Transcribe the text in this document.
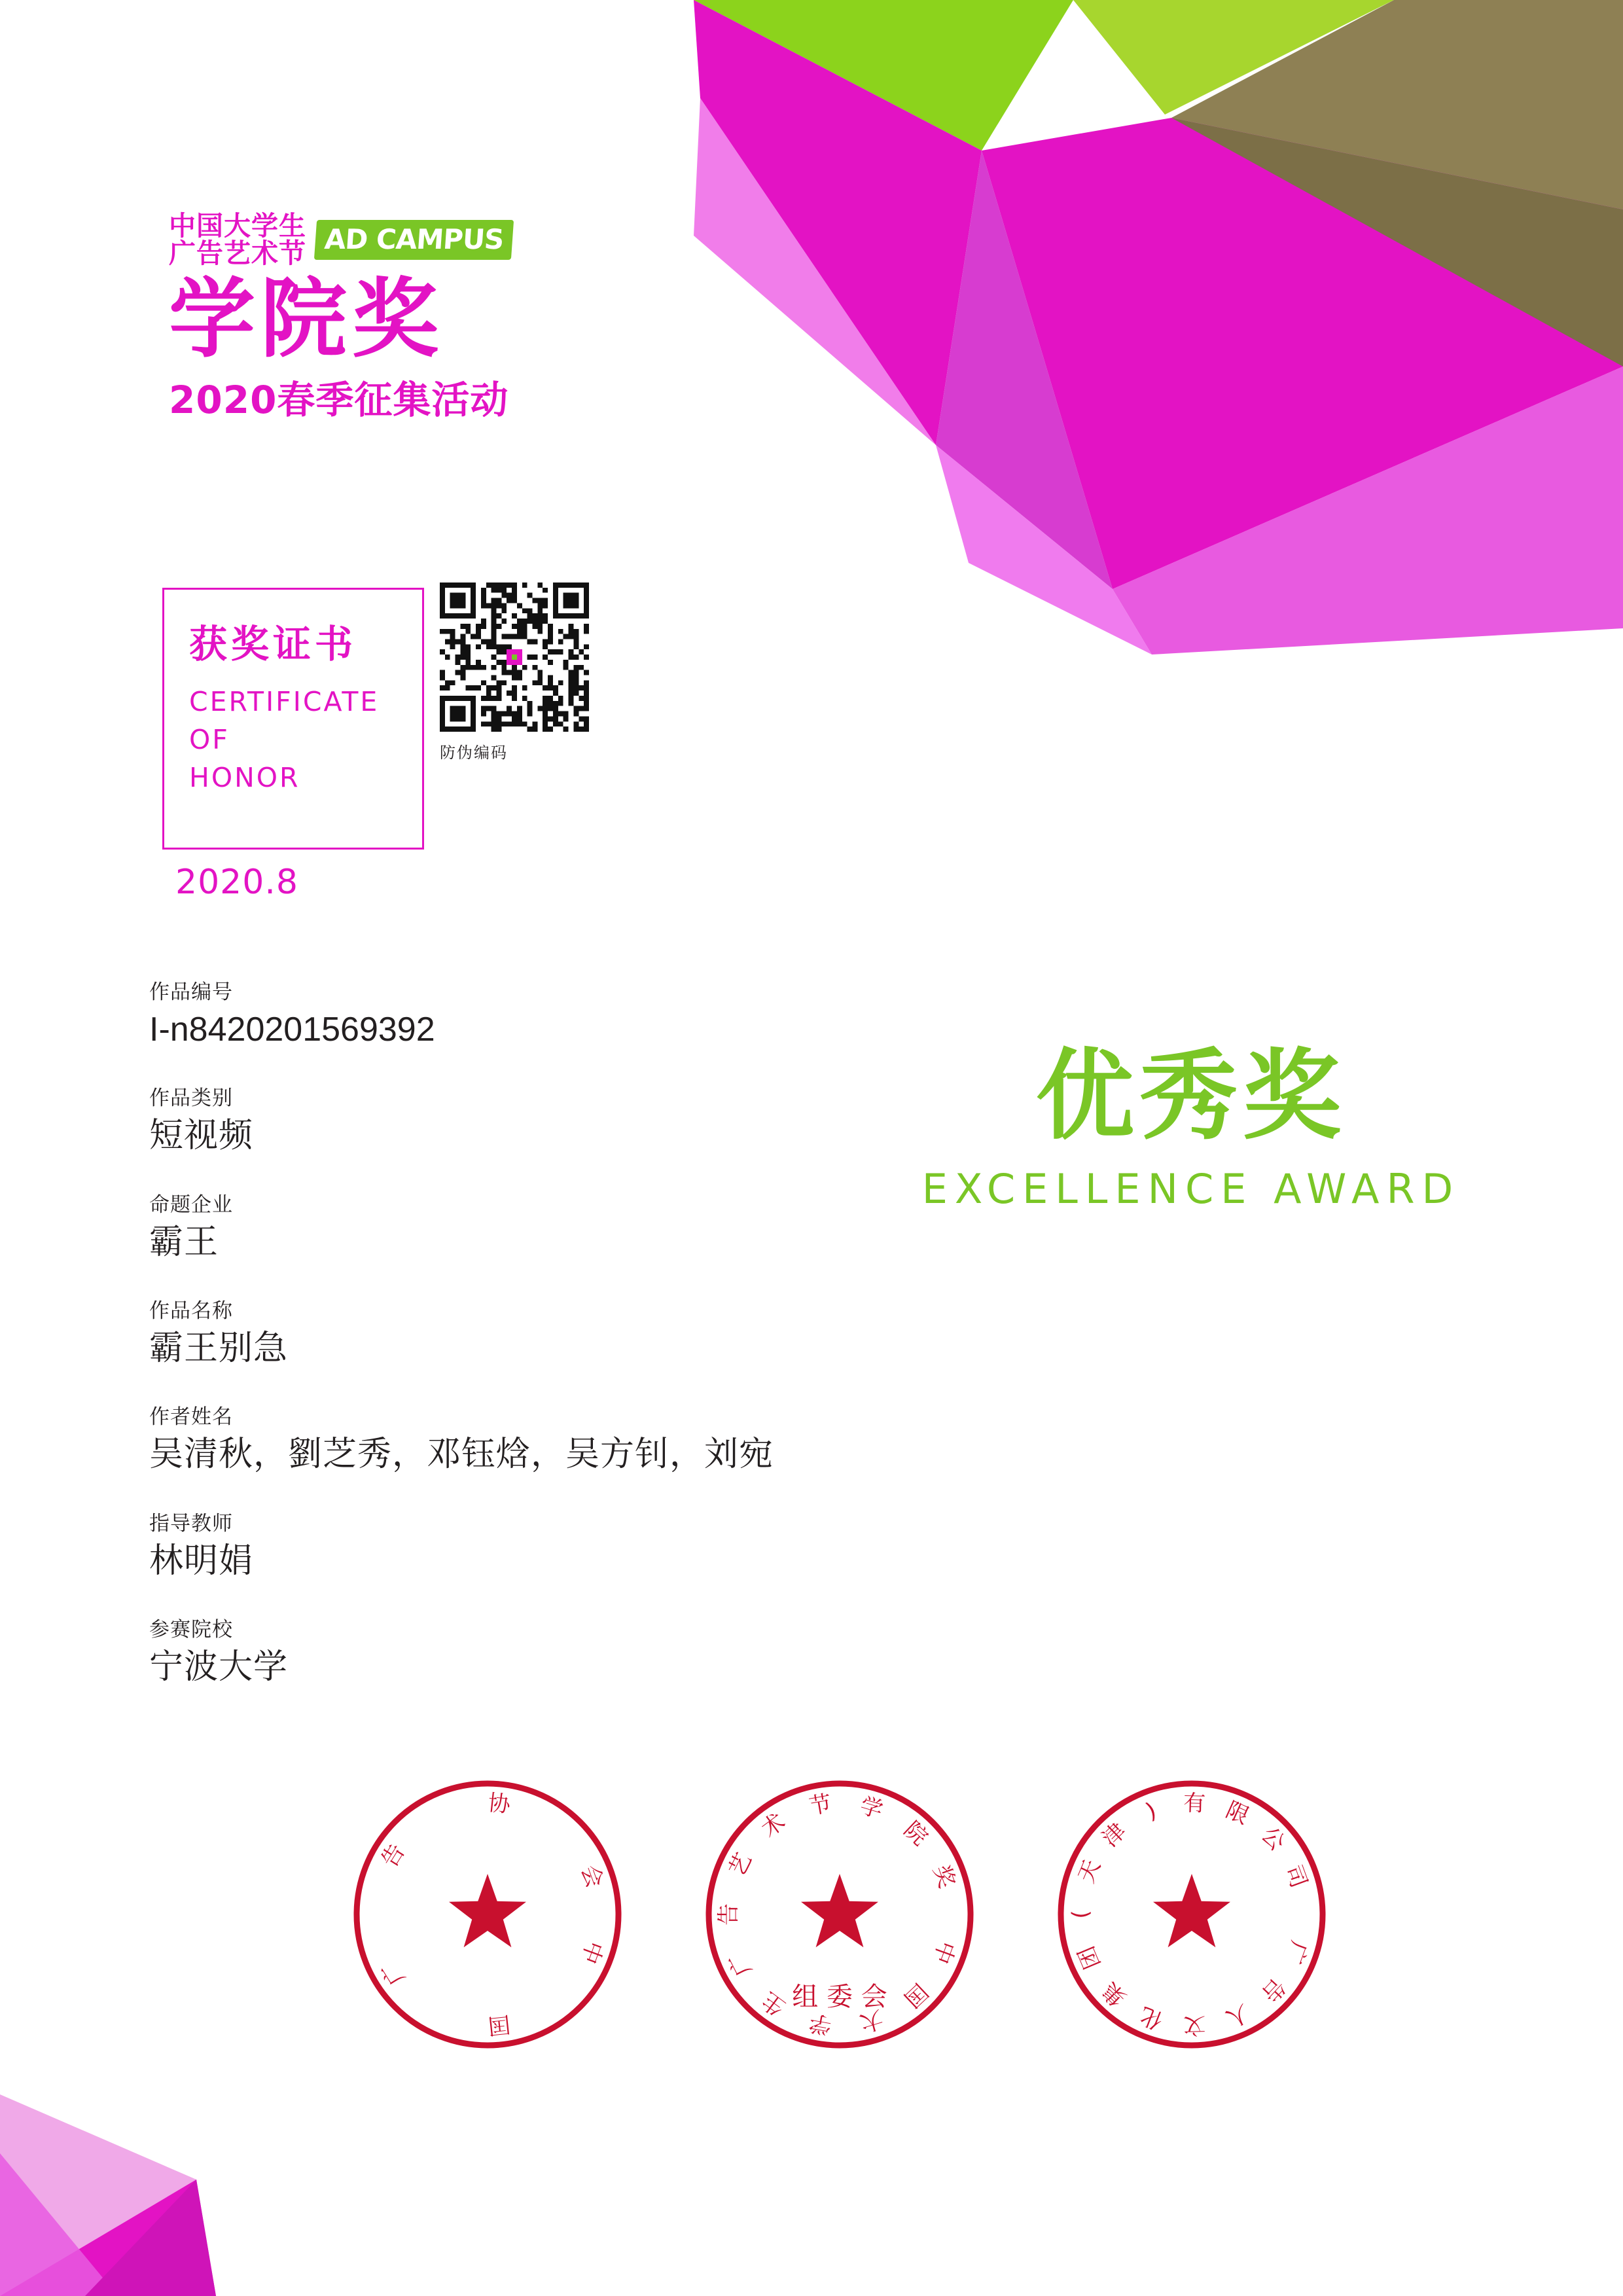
中国大学生
广告艺术节 AD CAMPUS
学院奖
2020春季征集活动
获奖证书
CERTIFICATE
OF
HONOR
2020.8
防伪编码
作品编号
I-n8420201569392
作品类别
短视频
命题企业
霸王
作品名称
霸王别急
作者姓名
吴清秋，劉芝秀，邓钰焓，吴方钊，刘宛
指导教师
林明娟
参赛院校
宁波大学
优秀奖
EXCELLENCE AWARD
中
国
广
告
协
会
中
国
大
学
生
广
告
艺
术
节 学
院
奖
组 委 会
广
告
人
文
化
集
团
(
天
津
) 有 限
公
司
